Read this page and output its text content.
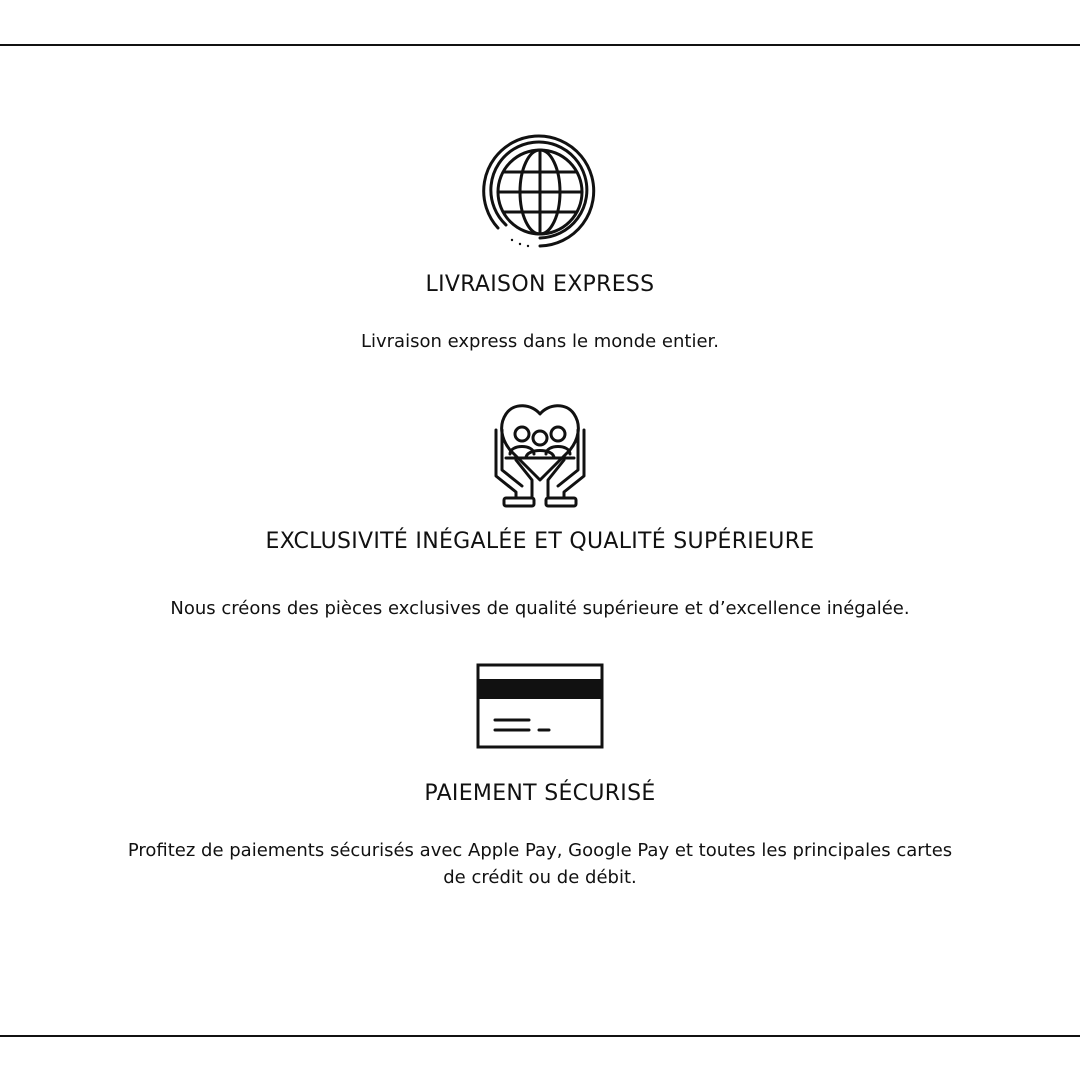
LIVRAISON EXPRESS

Livraison express dans le monde entier.

EXCLUSIVITÉ INÉGALÉE ET QUALITÉ SUPÉRIEURE

Nous créons des pièces exclusives de qualité supérieure et d’excellence inégalée.

PAIEMENT SÉCURISÉ

Profitez de paiements sécurisés avec Apple Pay, Google Pay et toutes les principales cartes de crédit ou de débit.
